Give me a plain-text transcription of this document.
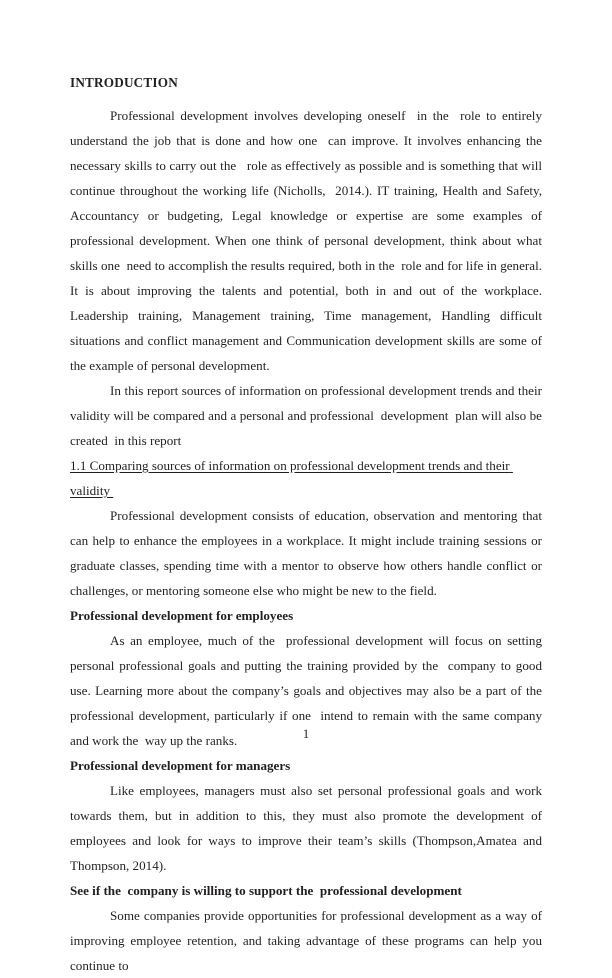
INTRODUCTION

Professional development involves developing oneself  in the  role to entirely understand the job that is done and how one  can improve. It involves enhancing the necessary skills to carry out the   role as effectively as possible and is something that will continue throughout the working life (Nicholls,  2014.). IT training, Health and Safety, Accountancy or budgeting, Legal knowledge or expertise are some examples of professional development. When one think of personal development, think about what skills one  need to accomplish the results required, both in the  role and for life in general. It is about improving the talents and potential, both in and out of the workplace. Leadership training, Management training, Time management, Handling difficult situations and conflict management and Communication development skills are some of the example of personal development.

In this report sources of information on professional development trends and their validity will be compared and a personal and professional  development  plan will also be created  in this report

1.1 Comparing sources of information on professional development trends and their validity

Professional development consists of education, observation and mentoring that can help to enhance the employees in a workplace. It might include training sessions or graduate classes, spending time with a mentor to observe how others handle conflict or challenges, or mentoring someone else who might be new to the field.

Professional development for employees

As an employee, much of the  professional development will focus on setting personal professional goals and putting the training provided by the  company to good use. Learning more about the company’s goals and objectives may also be a part of the professional development, particularly if one  intend to remain with the same company and work the  way up the ranks.

Professional development for managers

Like employees, managers must also set personal professional goals and work towards them, but in addition to this, they must also promote the development of employees and look for ways to improve their team’s skills (Thompson,Amatea and Thompson, 2014).

See if the  company is willing to support the  professional development

Some companies provide opportunities for professional development as a way of improving employee retention, and taking advantage of these programs can help you continue to

1
